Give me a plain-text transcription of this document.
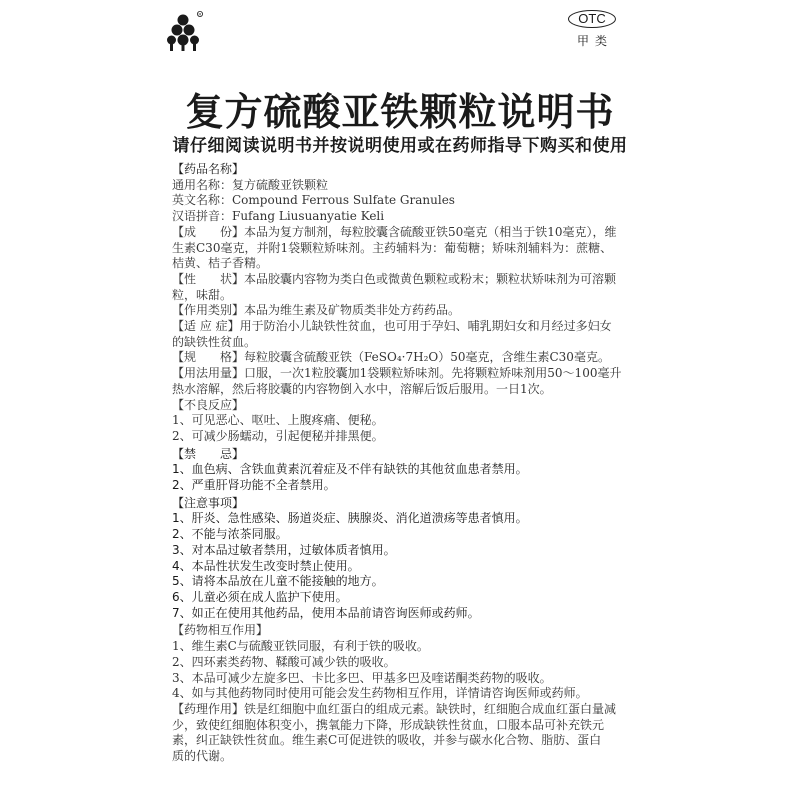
R	OTC
甲类
复方硫酸亚铁颗粒说明书
请仔细阅读说明书并按说明使用或在药师指导下购买和使用

【药品名称】

通用名称：复方硫酸亚铁颗粒

英文名称：Compound Ferrous Sulfate Granules

汉语拼音：Fufang Liusuanyatie Keli

【成　　份】本品为复方制剂，每粒胶囊含硫酸亚铁50毫克（相当于铁10毫克），维

生素C30毫克，并附1袋颗粒矫味剂。主药辅料为：葡萄糖；矫味剂辅料为：蔗糖、

桔黄、桔子香精。

【性　　状】本品胶囊内容物为类白色或微黄色颗粒或粉末；颗粒状矫味剂为可溶颗

粒，味甜。

【作用类别】本品为维生素及矿物质类非处方药药品。

【适 应 症】用于防治小儿缺铁性贫血，也可用于孕妇、哺乳期妇女和月经过多妇女

的缺铁性贫血。

【规　　格】每粒胶囊含硫酸亚铁（FeSO₄·7H₂O）50毫克，含维生素C30毫克。

【用法用量】口服，一次1粒胶囊加1袋颗粒矫味剂。先将颗粒矫味剂用50～100毫升

热水溶解，然后将胶囊的内容物倒入水中，溶解后饭后服用。一日1次。

【不良反应】

1、可见恶心、呕吐、上腹疼痛、便秘。

2、可减少肠蠕动，引起便秘并排黑便。

【禁　　忌】

1、血色病、含铁血黄素沉着症及不伴有缺铁的其他贫血患者禁用。

2、严重肝肾功能不全者禁用。

【注意事项】

1、肝炎、急性感染、肠道炎症、胰腺炎、消化道溃疡等患者慎用。

2、不能与浓茶同服。

3、对本品过敏者禁用，过敏体质者慎用。

4、本品性状发生改变时禁止使用。

5、请将本品放在儿童不能接触的地方。

6、儿童必须在成人监护下使用。

7、如正在使用其他药品，使用本品前请咨询医师或药师。

【药物相互作用】

1、维生素C与硫酸亚铁同服，有利于铁的吸收。

2、四环素类药物、鞣酸可减少铁的吸收。

3、本品可减少左旋多巴、卡比多巴、甲基多巴及喹诺酮类药物的吸收。

4、如与其他药物同时使用可能会发生药物相互作用，详情请咨询医师或药师。

【药理作用】铁是红细胞中血红蛋白的组成元素。缺铁时，红细胞合成血红蛋白量减

少，致使红细胞体积变小，携氧能力下降，形成缺铁性贫血，口服本品可补充铁元

素，纠正缺铁性贫血。维生素C可促进铁的吸收，并参与碳水化合物、脂肪、蛋白

质的代谢。
